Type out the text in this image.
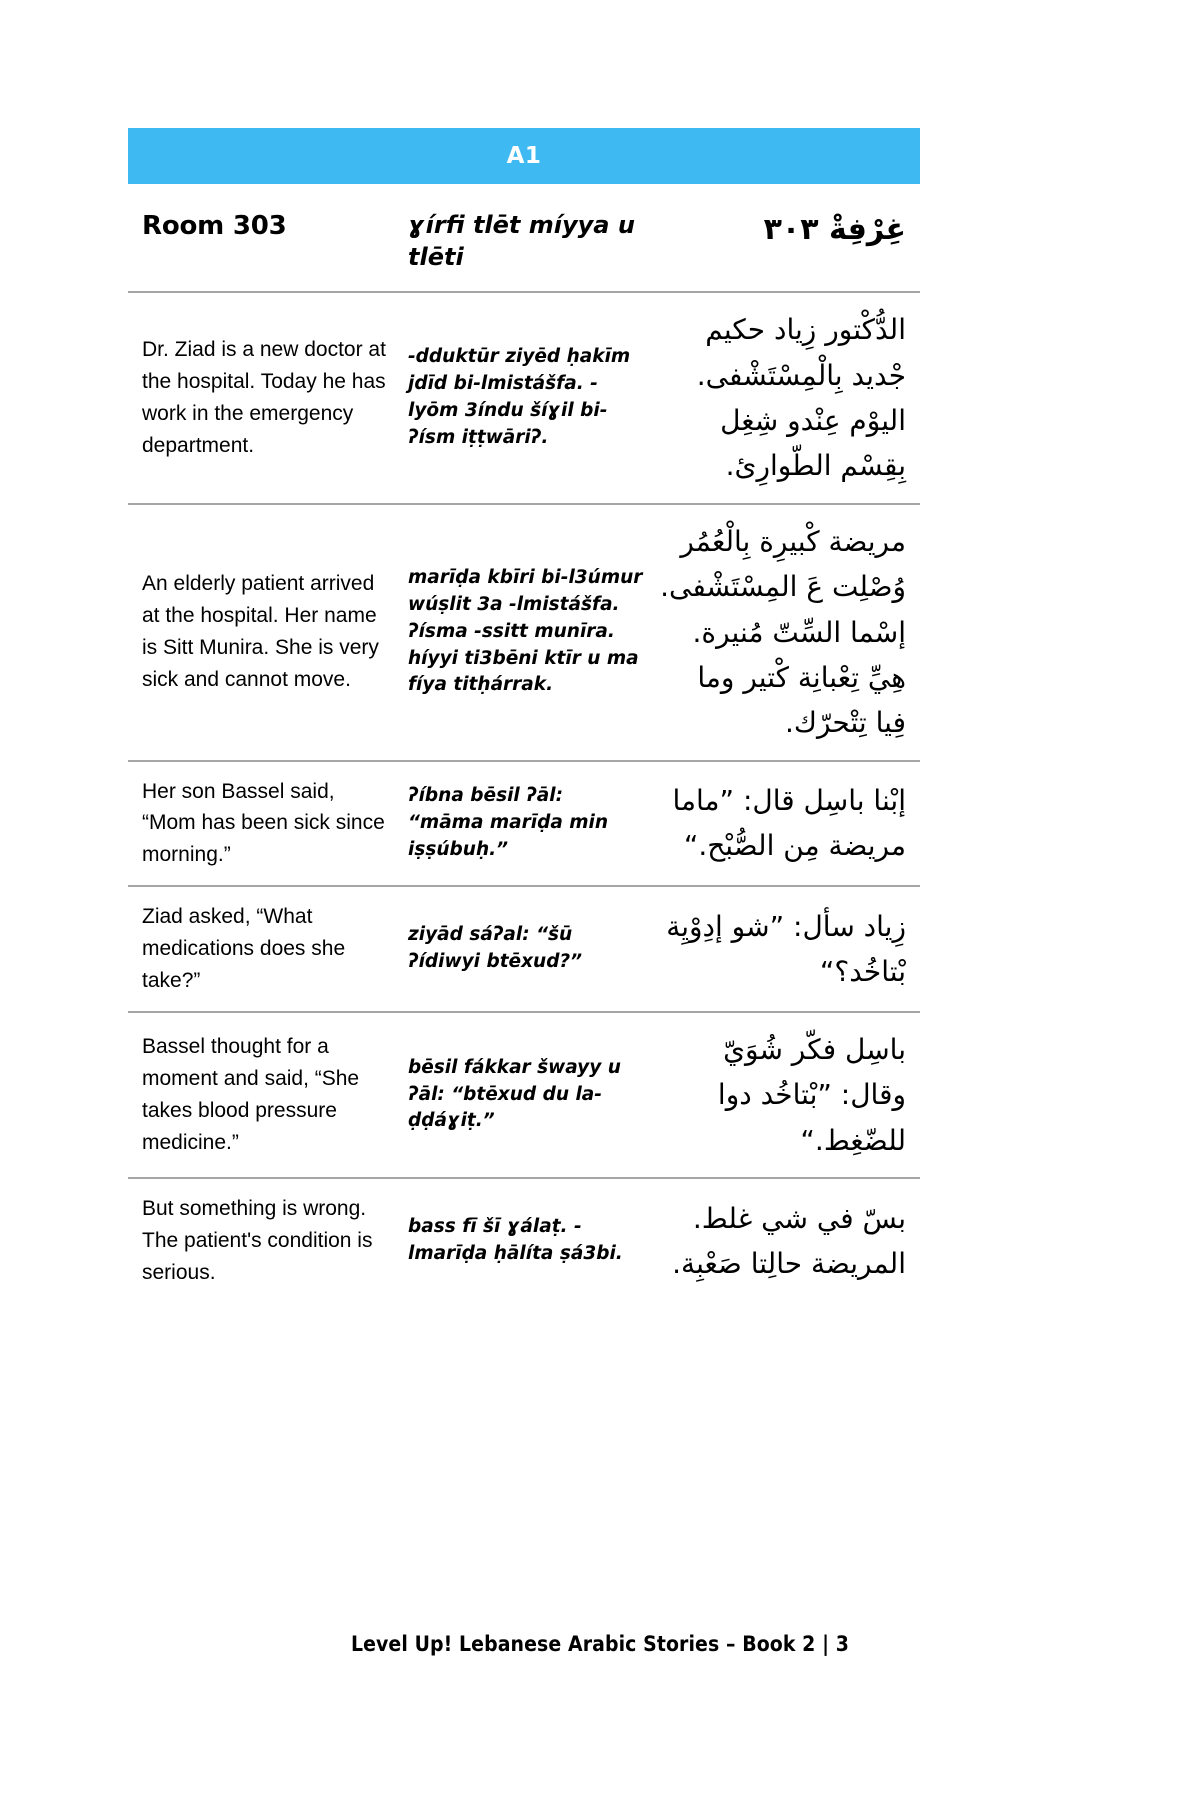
A1
Room 303	ɣírfi tlēt míyya u tlēti
غِرْفِةْ ٣٠٣
Dr. Ziad is a new doctor at the hospital. Today he has work in the emergency department.
-dduktūr ziyēd ḥakīm jdīd bi-lmistášfa. -lyōm 3índu šíɣil bi-ʔísm iṭṭwāriʔ.
الدُّكْتور زِياد حكيم جْديد بِالْمِسْتَشْفى. اليوْم عِنْدو شِغِل بِقِسْم الطّوارِئ.
An elderly patient arrived at the hospital. Her name is Sitt Munira. She is very sick and cannot move.
marīḍa kbīri bi-l3úmur wúṣlit 3a -lmistášfa. ʔísma -ssitt munīra. híyyi ti3bēni ktīr u ma fíya titḥárrak.
مريضة كْبيرِة بِالْعُمُر وُصْلِت عَ المِسْتَشْفى. إسْما السِّتّ مُنيرة. هِيِّ تِعْبانِة كْتير وما فِيا تِتْحرّك.
Her son Bassel said, “Mom has been sick since morning.”
ʔíbna bēsil ʔāl: “māma marīḍa min iṣṣúbuḥ.”
إبْنا باسِل قال: ”ماما مريضة مِن الصُّبْح.“
Ziad asked, “What medications does she take?”
ziyād sáʔal: “šū ʔídiwyi btēxud?”
زِياد سأل: ”شو إدِوْيِة بْتاخُد؟“
Bassel thought for a moment and said, “She takes blood pressure medicine.”
bēsil fákkar šwayy u ʔāl: “btēxud du la-ḍḍáɣiṭ.”
باسِل فكّر شُوَيّ وقال: ”بْتاخُد دوا للضّغِط.“
But something is wrong. The patient's condition is serious.
bass fī šī ɣálaṭ. -lmarīḍa ḥālíta ṣá3bi.
بسّ في شي غلط. المريضة حالِتا صَعْبِة.
Level Up! Lebanese Arabic Stories – Book 2 | 3
